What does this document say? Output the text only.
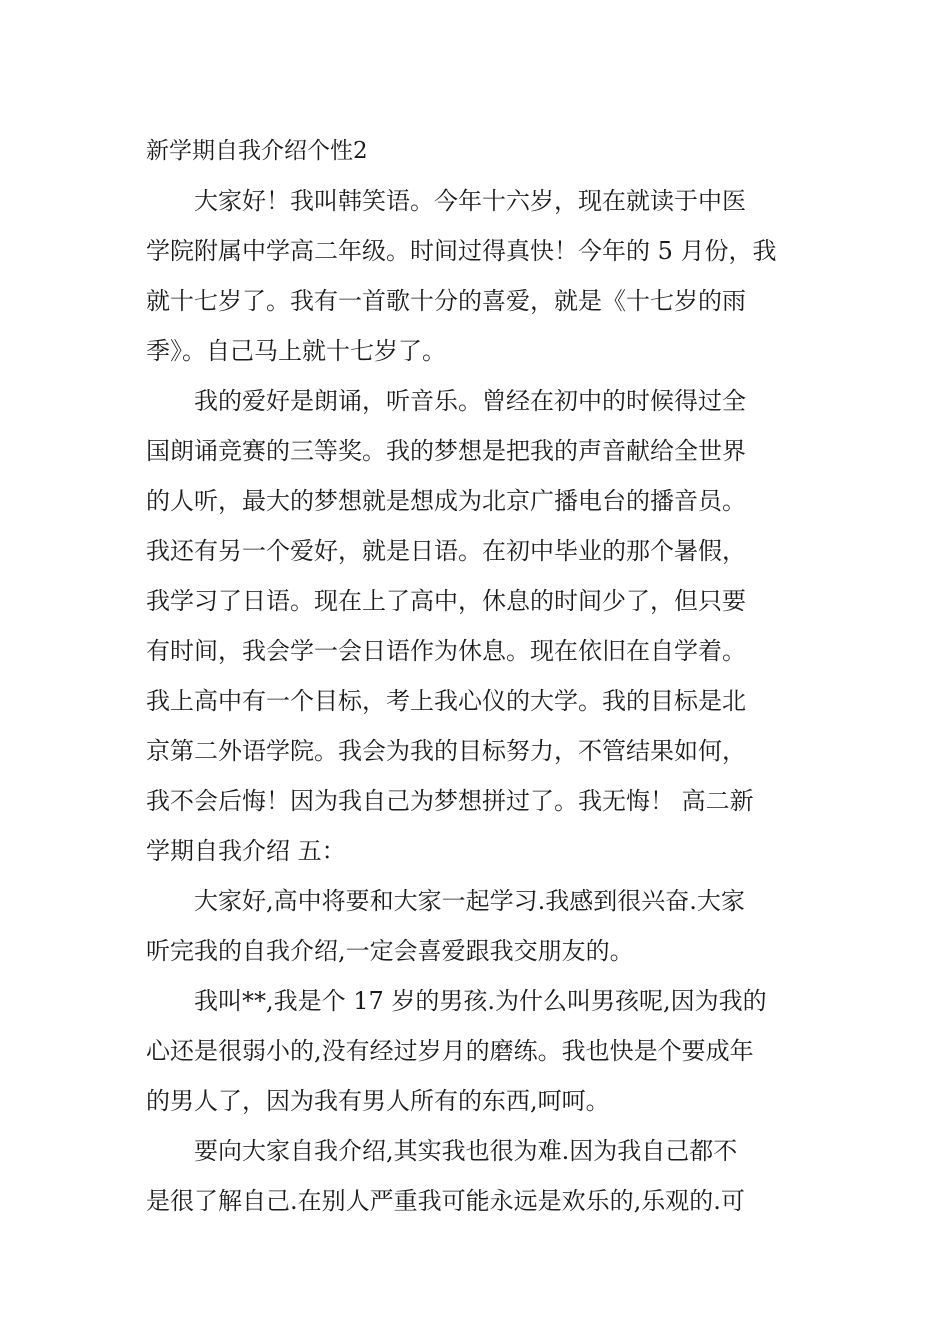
新学期自我介绍个性2
大家好！我叫韩笑语。今年十六岁，现在就读于中医
学院附属中学高二年级。时间过得真快！今年的 5 月份，我
就十七岁了。我有一首歌十分的喜爱，就是《十七岁的雨
季》。自己马上就十七岁了。
我的爱好是朗诵，听音乐。曾经在初中的时候得过全
国朗诵竞赛的三等奖。我的梦想是把我的声音献给全世界
的人听，最大的梦想就是想成为北京广播电台的播音员。
我还有另一个爱好，就是日语。在初中毕业的那个暑假，
我学习了日语。现在上了高中，休息的时间少了，但只要
有时间，我会学一会日语作为休息。现在依旧在自学着。
我上高中有一个目标，考上我心仪的大学。我的目标是北
京第二外语学院。我会为我的目标努力，不管结果如何，
我不会后悔！因为我自己为梦想拼过了。我无悔！ 高二新
学期自我介绍 五：
大家好,高中将要和大家一起学习.我感到很兴奋.大家
听完我的自我介绍,一定会喜爱跟我交朋友的。
我叫**,我是个 17 岁的男孩.为什么叫男孩呢,因为我的
心还是很弱小的,没有经过岁月的磨练。我也快是个要成年
的男人了，因为我有男人所有的东西,呵呵。
要向大家自我介绍,其实我也很为难.因为我自己都不
是很了解自己.在别人严重我可能永远是欢乐的,乐观的.可
